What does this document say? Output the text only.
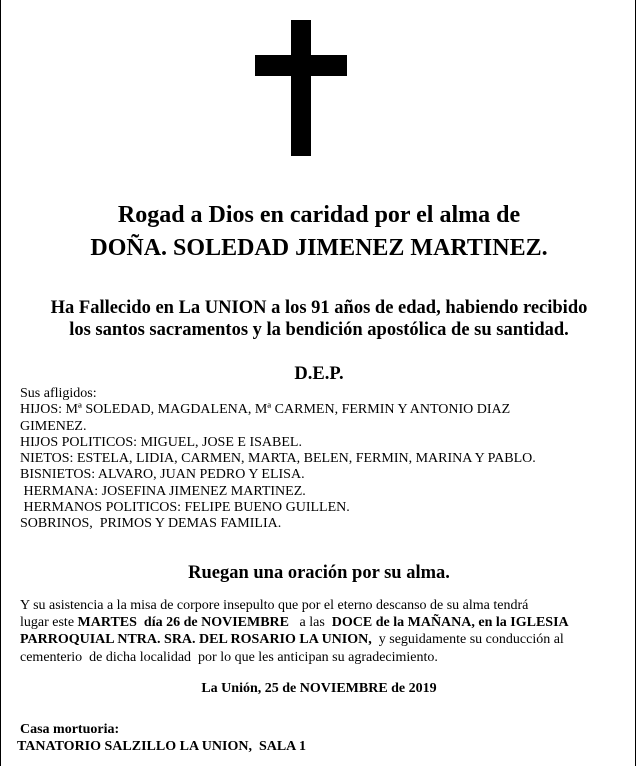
Rogad a Dios en caridad por el alma de
DOÑA. SOLEDAD JIMENEZ MARTINEZ.
Ha Fallecido en La UNION a los 91 años de edad, habiendo recibido
los santos sacramentos y la bendición apostólica de su santidad.
D.E.P.
Sus afligidos:
HIJOS: Mª SOLEDAD, MAGDALENA, Mª CARMEN, FERMIN Y ANTONIO DIAZ
GIMENEZ.
HIJOS POLITICOS: MIGUEL, JOSE E ISABEL.
NIETOS: ESTELA, LIDIA, CARMEN, MARTA, BELEN, FERMIN, MARINA Y PABLO.
BISNIETOS: ALVARO, JUAN PEDRO Y ELISA.
HERMANA: JOSEFINA JIMENEZ MARTINEZ.
HERMANOS POLITICOS: FELIPE BUENO GUILLEN.
SOBRINOS,  PRIMOS Y DEMAS FAMILIA.
Ruegan una oración por su alma.
Y su asistencia a la misa de corpore insepulto que por el eterno descanso de su alma tendrá
lugar este MARTES  día 26 de NOVIEMBRE   a las  DOCE de la MAÑANA, en la IGLESIA
PARROQUIAL NTRA. SRA. DEL ROSARIO LA UNION,  y seguidamente su conducción al
cementerio  de dicha localidad  por lo que les anticipan su agradecimiento.
La Unión, 25 de NOVIEMBRE de 2019
Casa mortuoria:
TANATORIO SALZILLO LA UNION,  SALA 1
